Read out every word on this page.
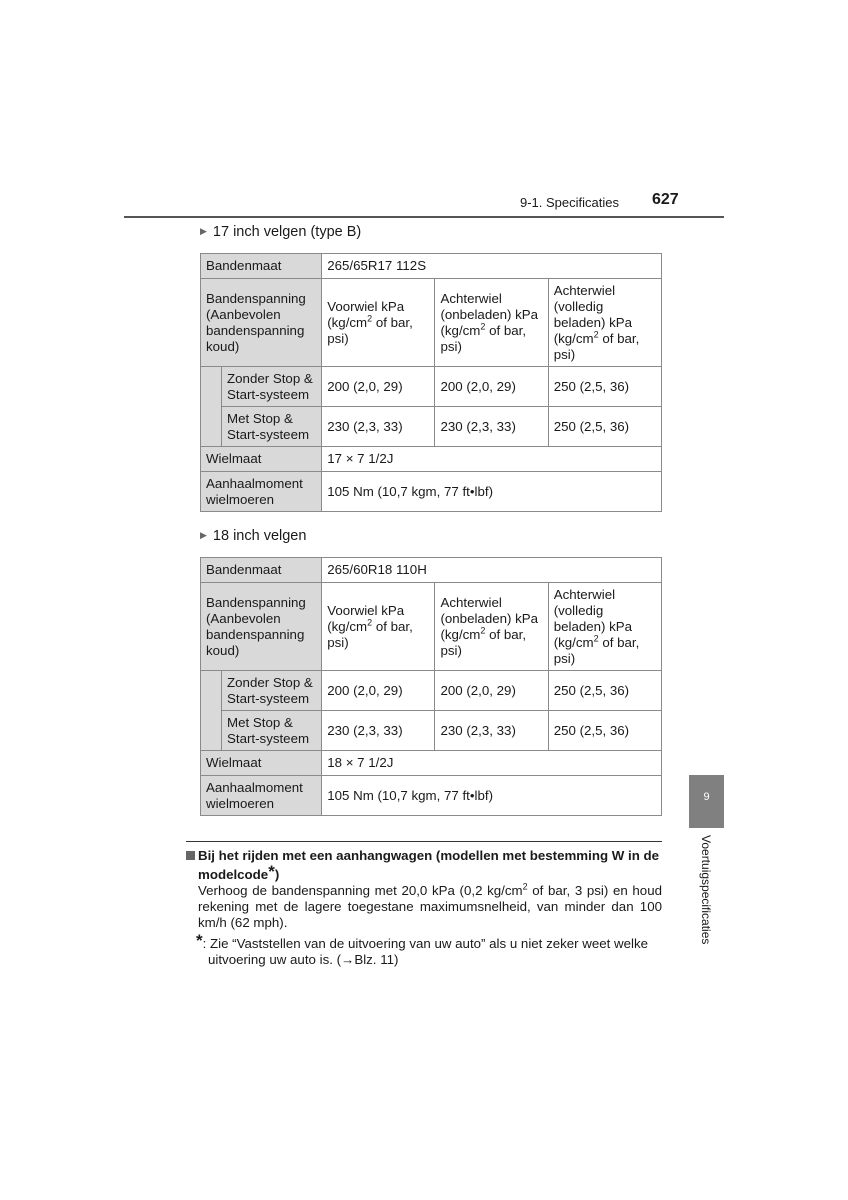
9-1. Specificaties 627
▶ 17 inch velgen (type B)
Bandenmaat		265/65R17 112S		
Bandenspanning (Aanbevolen bandenspanning koud)		Voorwiel kPa ($kg/cm^2$ of bar, psi)	Achterwiel (onbeladen) kPa ($kg/cm^2$ of bar, psi)	Achterwiel (volledig beladen) kPa ($kg/cm^2$ of bar, psi)
	Zonder Stop & Start-systeem	200 (2,0, 29)	200 (2,0, 29)	250 (2,5, 36)
	Met Stop & Start-systeem	230 (2,3, 33)	230 (2,3, 33)	250 (2,5, 36)
Wielmaat		17 × 7 1/2J		
Aanhaalmoment wielmoeren		105 Nm (10,7 kgm, 77 ft•lbf)		
▶ 18 inch velgen
Bandenmaat		265/60R18 110H		
Bandenspanning (Aanbevolen bandenspanning koud)		Voorwiel kPa ($kg/cm^2$ of bar, psi)	Achterwiel (onbeladen) kPa ($kg/cm^2$ of bar, psi)	Achterwiel (volledig beladen) kPa ($kg/cm^2$ of bar, psi)
	Zonder Stop & Start-systeem	200 (2,0, 29)	200 (2,0, 29)	250 (2,5, 36)
	Met Stop & Start-systeem	230 (2,3, 33)	230 (2,3, 33)	250 (2,5, 36)
Wielmaat		18 × 7 1/2J		
Aanhaalmoment wielmoeren		105 Nm (10,7 kgm, 77 ft•lbf)			9
Voertuigspecificaties
Bij het rijden met een aanhangwagen (modellen met bestemming W in de modelcode*)
Verhoog de bandenspanning met 20,0 kPa (0,2 $kg/cm^2$ of bar, 3 psi) en houd rekening met de lagere toegestane maximumsnelheid, van minder dan 100 km/h (62 mph).
*: Zie “Vaststellen van de uitvoering van uw auto” als u niet zeker weet welke uitvoering uw auto is. (→Blz. 11)
